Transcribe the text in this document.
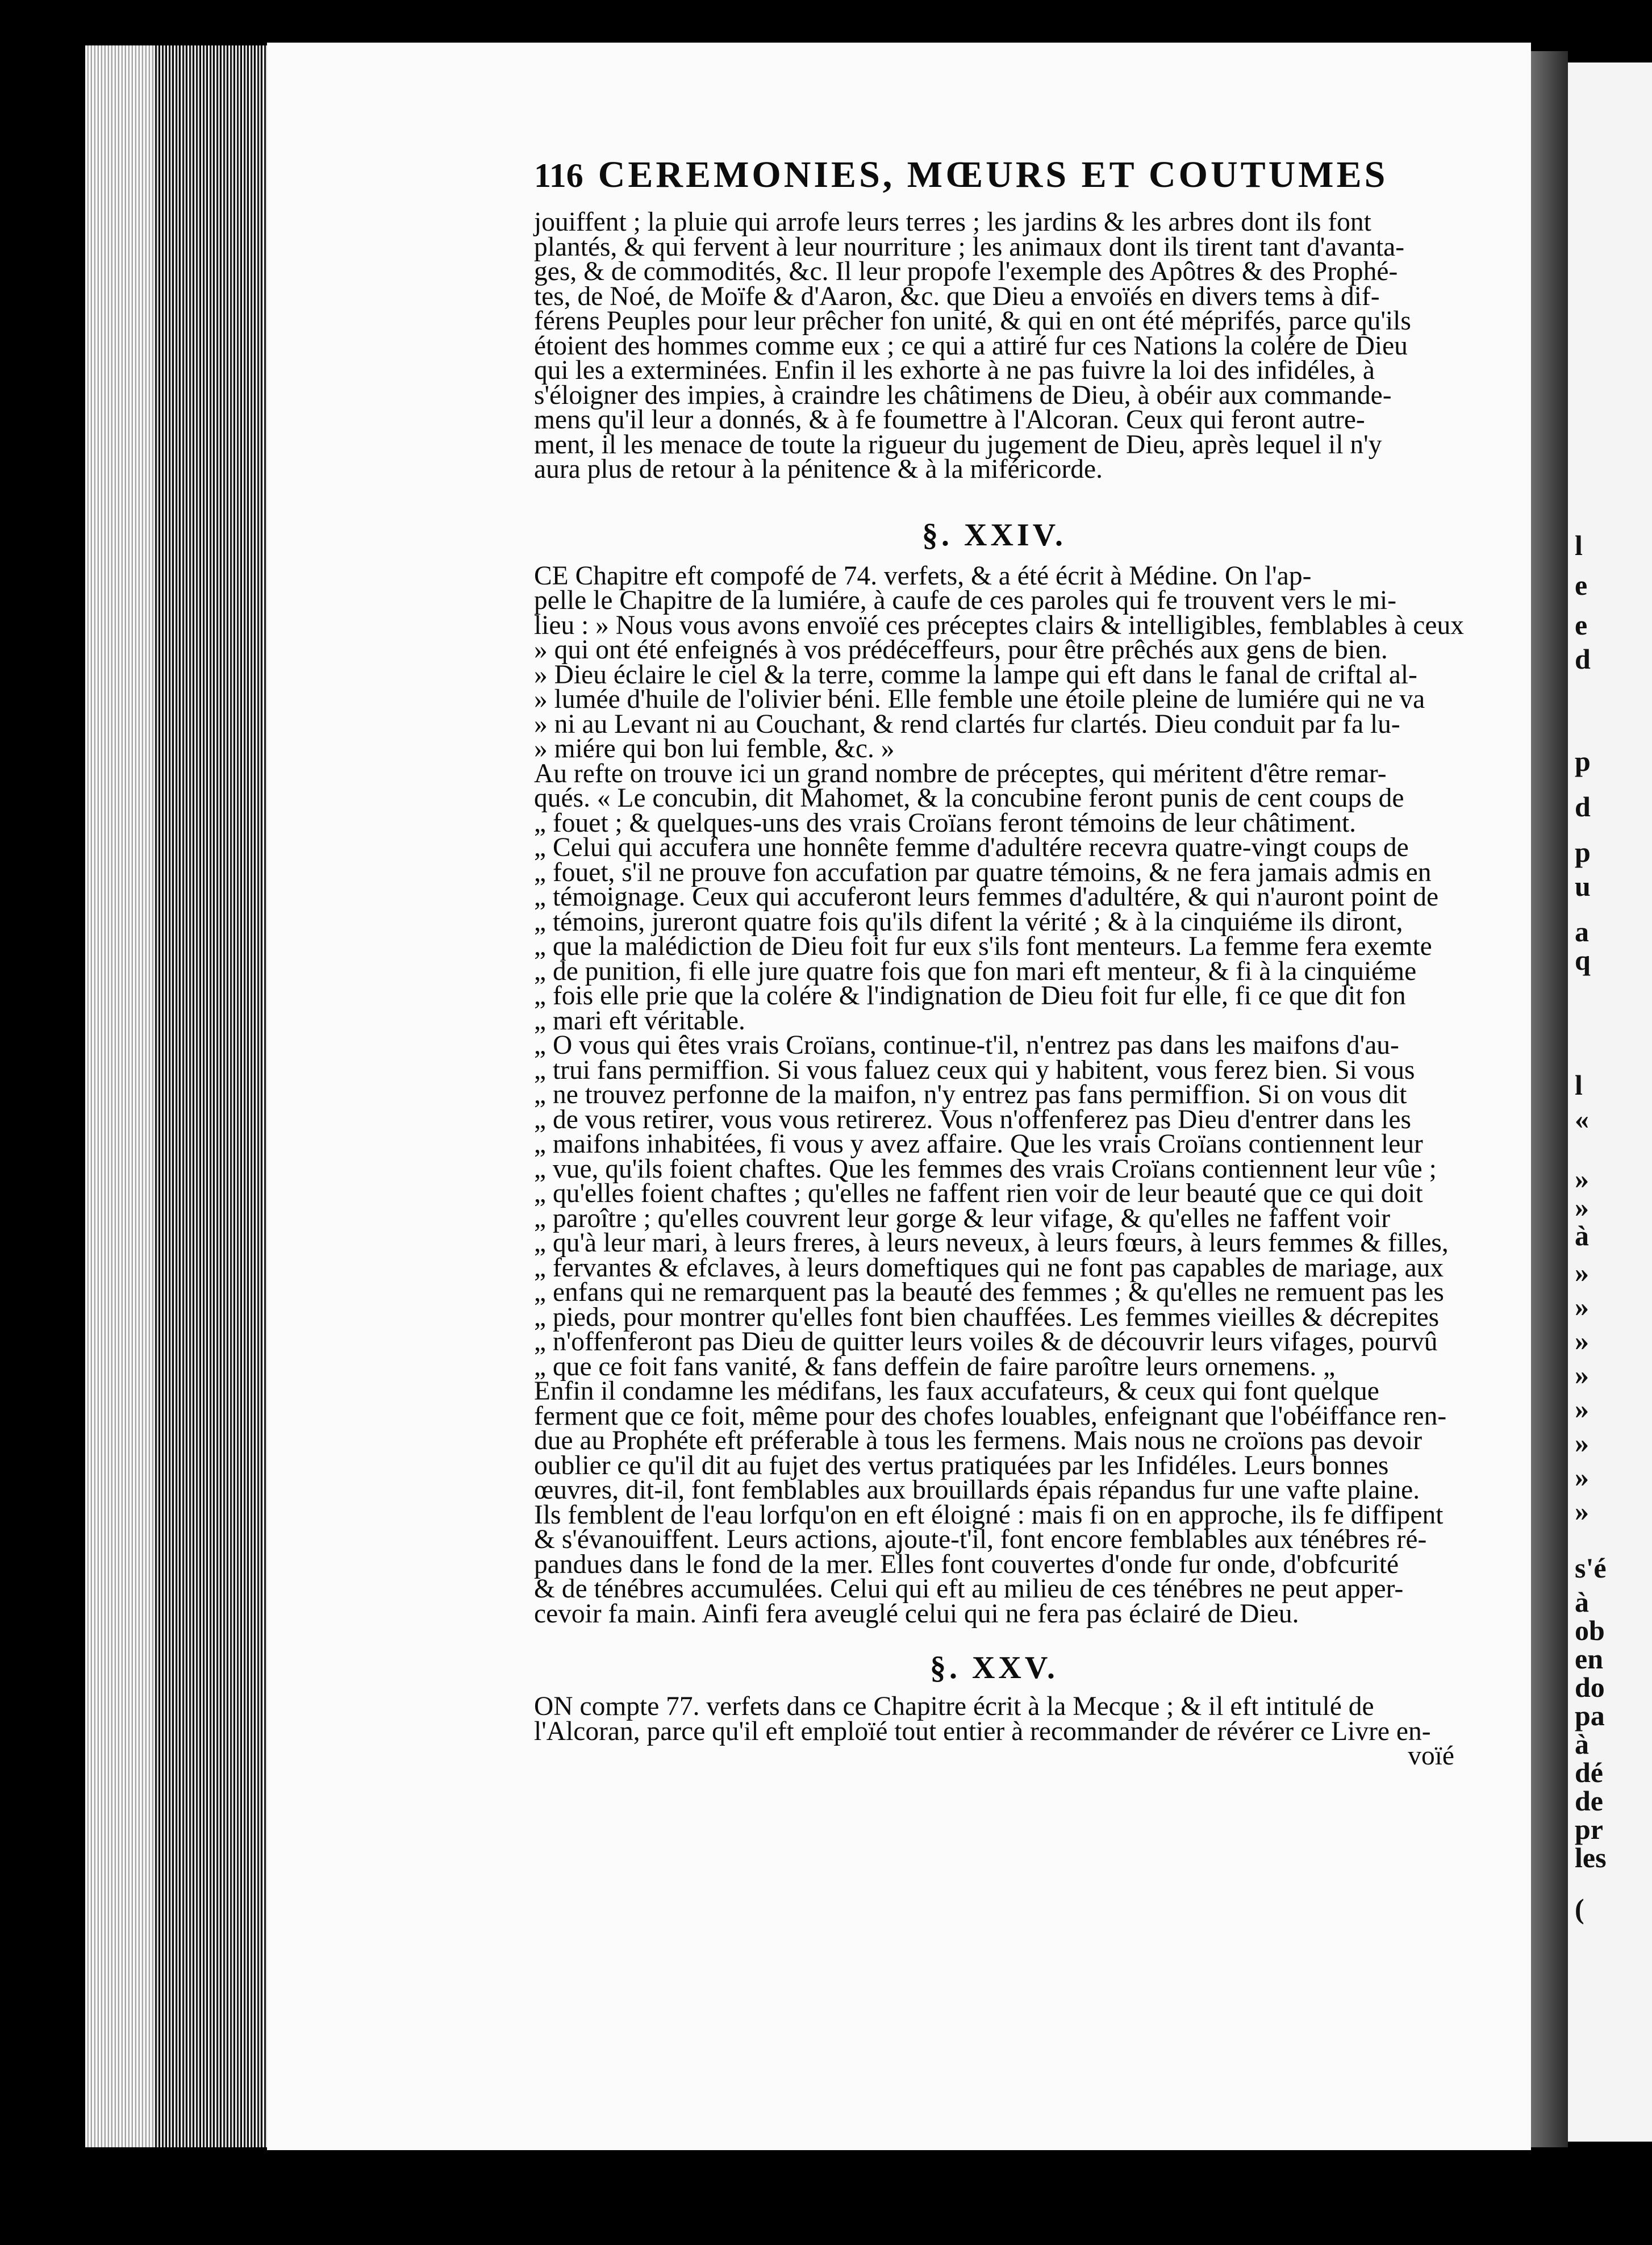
l
e
e
d
p
d
p
u
a
q
l
«
»
»
à
»
»
»
»
»
»
»
»
s'é
à
ob
en
do
pa
à
dé
de
pr
les
(
116 CEREMONIES, MŒURS ET COUTUMES
jouiffent ; la pluie qui arrofe leurs terres ; les jardins & les arbres dont ils font
plantés, & qui fervent à leur nourriture ; les animaux dont ils tirent tant d'avanta-
ges, & de commodités, &c. Il leur propofe l'exemple des Apôtres & des Prophé-
tes, de Noé, de Moïfe & d'Aaron, &c. que Dieu a envoïés en divers tems à dif-
férens Peuples pour leur prêcher fon unité, & qui en ont été méprifés, parce qu'ils
étoient des hommes comme eux ; ce qui a attiré fur ces Nations la colére de Dieu
qui les a exterminées. Enfin il les exhorte à ne pas fuivre la loi des infidéles, à
s'éloigner des impies, à craindre les châtimens de Dieu, à obéir aux commande-
mens qu'il leur a donnés, & à fe foumettre à l'Alcoran. Ceux qui feront autre-
ment, il les menace de toute la rigueur du jugement de Dieu, après lequel il n'y
aura plus de retour à la pénitence & à la miféricorde.
§. XXIV.
CE Chapitre eft compofé de 74. verfets, & a été écrit à Médine. On l'ap-
pelle le Chapitre de la lumiére, à caufe de ces paroles qui fe trouvent vers le mi-
lieu : » Nous vous avons envoïé ces préceptes clairs & intelligibles, femblables à ceux
» qui ont été enfeignés à vos prédéceffeurs, pour être prêchés aux gens de bien.
» Dieu éclaire le ciel & la terre, comme la lampe qui eft dans le fanal de criftal al-
» lumée d'huile de l'olivier béni. Elle femble une étoile pleine de lumiére qui ne va
» ni au Levant ni au Couchant, & rend clartés fur clartés. Dieu conduit par fa lu-
» miére qui bon lui femble, &c. »
Au refte on trouve ici un grand nombre de préceptes, qui méritent d'être remar-
qués. « Le concubin, dit Mahomet, & la concubine feront punis de cent coups de
„ fouet ; & quelques-uns des vrais Croïans feront témoins de leur châtiment.
„ Celui qui accufera une honnête femme d'adultére recevra quatre-vingt coups de
„ fouet, s'il ne prouve fon accufation par quatre témoins, & ne fera jamais admis en
„ témoignage. Ceux qui accuferont leurs femmes d'adultére, & qui n'auront point de
„ témoins, jureront quatre fois qu'ils difent la vérité ; & à la cinquiéme ils diront,
„ que la malédiction de Dieu foit fur eux s'ils font menteurs. La femme fera exemte
„ de punition, fi elle jure quatre fois que fon mari eft menteur, & fi à la cinquiéme
„ fois elle prie que la colére & l'indignation de Dieu foit fur elle, fi ce que dit fon
„ mari eft véritable.
„ O vous qui êtes vrais Croïans, continue-t'il, n'entrez pas dans les maifons d'au-
„ trui fans permiffion. Si vous faluez ceux qui y habitent, vous ferez bien. Si vous
„ ne trouvez perfonne de la maifon, n'y entrez pas fans permiffion. Si on vous dit
„ de vous retirer, vous vous retirerez. Vous n'offenferez pas Dieu d'entrer dans les
„ maifons inhabitées, fi vous y avez affaire. Que les vrais Croïans contiennent leur
„ vue, qu'ils foient chaftes. Que les femmes des vrais Croïans contiennent leur vûe ;
„ qu'elles foient chaftes ; qu'elles ne faffent rien voir de leur beauté que ce qui doit
„ paroître ; qu'elles couvrent leur gorge & leur vifage, & qu'elles ne faffent voir
„ qu'à leur mari, à leurs freres, à leurs neveux, à leurs fœurs, à leurs femmes & filles,
„ fervantes & efclaves, à leurs domeftiques qui ne font pas capables de mariage, aux
„ enfans qui ne remarquent pas la beauté des femmes ; & qu'elles ne remuent pas les
„ pieds, pour montrer qu'elles font bien chauffées. Les femmes vieilles & décrepites
„ n'offenferont pas Dieu de quitter leurs voiles & de découvrir leurs vifages, pourvû
„ que ce foit fans vanité, & fans deffein de faire paroître leurs ornemens. „
Enfin il condamne les médifans, les faux accufateurs, & ceux qui font quelque
ferment que ce foit, même pour des chofes louables, enfeignant que l'obéiffance ren-
due au Prophéte eft préferable à tous les fermens. Mais nous ne croïons pas devoir
oublier ce qu'il dit au fujet des vertus pratiquées par les Infidéles. Leurs bonnes
œuvres, dit-il, font femblables aux brouillards épais répandus fur une vafte plaine.
Ils femblent de l'eau lorfqu'on en eft éloigné : mais fi on en approche, ils fe diffipent
& s'évanouiffent. Leurs actions, ajoute-t'il, font encore femblables aux ténébres ré-
pandues dans le fond de la mer. Elles font couvertes d'onde fur onde, d'obfcurité
& de ténébres accumulées. Celui qui eft au milieu de ces ténébres ne peut apper-
cevoir fa main. Ainfi fera aveuglé celui qui ne fera pas éclairé de Dieu.
§. XXV.
ON compte 77. verfets dans ce Chapitre écrit à la Mecque ; & il eft intitulé de
l'Alcoran, parce qu'il eft emploïé tout entier à recommander de révérer ce Livre en-
voïé
